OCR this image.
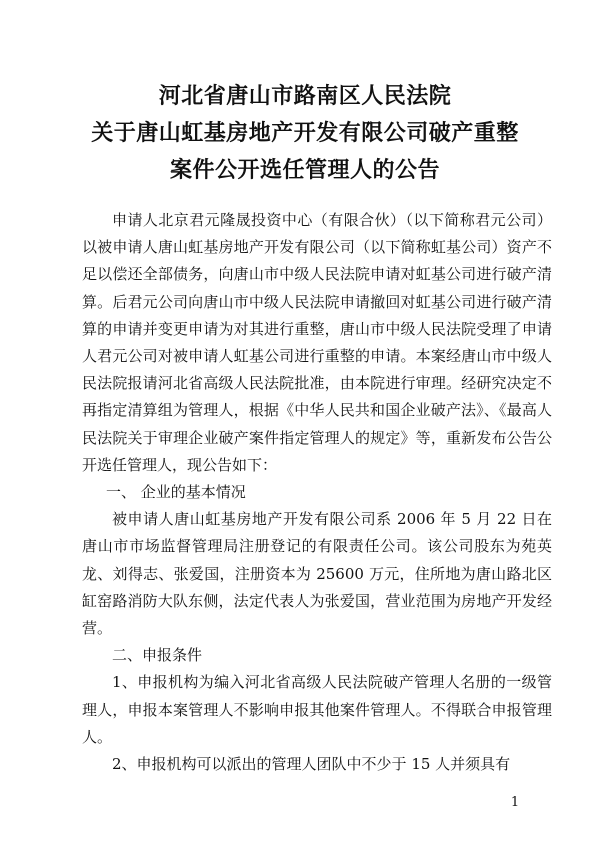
河北省唐山市路南区人民法院
关于唐山虹基房地产开发有限公司破产重整
案件公开选任管理人的公告

申请人北京君元隆晟投资中心（有限合伙）（以下简称君元公司）以被申请人唐山虹基房地产开发有限公司（以下简称虹基公司）资产不足以偿还全部债务，向唐山市中级人民法院申请对虹基公司进行破产清算。后君元公司向唐山市中级人民法院申请撤回对虹基公司进行破产清算的申请并变更申请为对其进行重整，唐山市中级人民法院受理了申请人君元公司对被申请人虹基公司进行重整的申请。本案经唐山市中级人民法院报请河北省高级人民法院批准，由本院进行审理。经研究决定不再指定清算组为管理人，根据《中华人民共和国企业破产法》、《最高人民法院关于审理企业破产案件指定管理人的规定》等，重新发布公告公开选任管理人，现公告如下：

一、 企业的基本情况

被申请人唐山虹基房地产开发有限公司系 2006 年 5 月 22 日在唐山市市场监督管理局注册登记的有限责任公司。该公司股东为苑英龙、刘得志、张爱国，注册资本为 25600 万元，住所地为唐山路北区缸窑路消防大队东侧，法定代表人为张爱国，营业范围为房地产开发经营。

二、申报条件

1、申报机构为编入河北省高级人民法院破产管理人名册的一级管理人，申报本案管理人不影响申报其他案件管理人。不得联合申报管理人。

2、申报机构可以派出的管理人团队中不少于 15 人并须具有

1
